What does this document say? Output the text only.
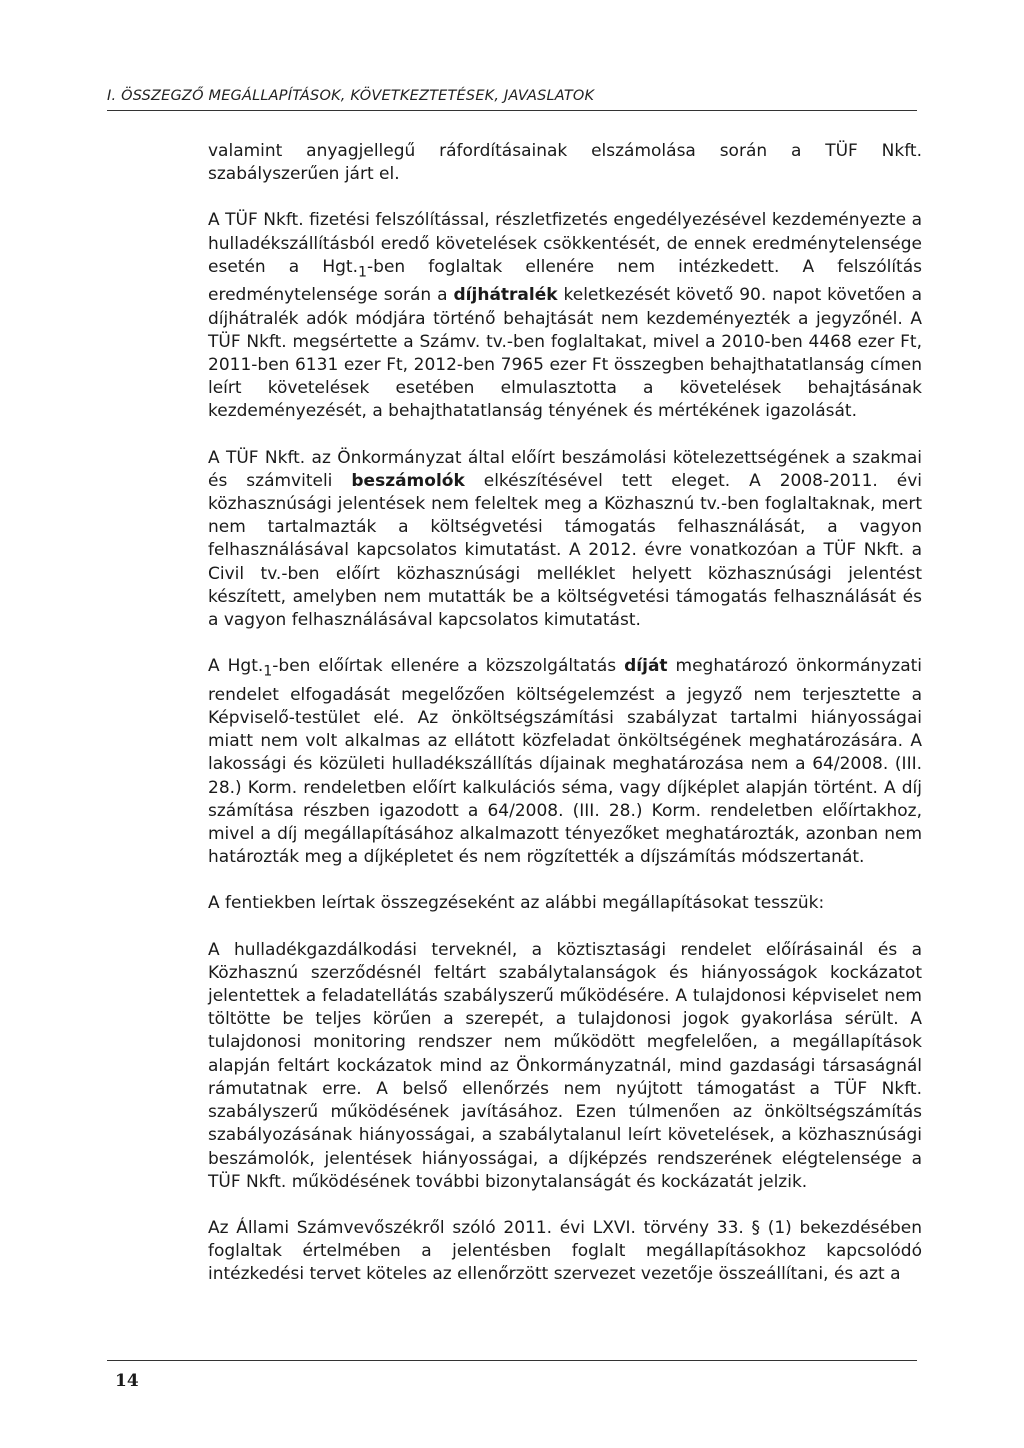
I. ÖSSZEGZŐ MEGÁLLAPÍTÁSOK, KÖVETKEZTETÉSEK, JAVASLATOK

valamint anyagjellegű ráfordításainak elszámolása során a TÜF Nkft. szabályszerűen járt el.

A TÜF Nkft. fizetési felszólítással, részletfizetés engedélyezésével kezdeményezte a hulladékszállításból eredő követelések csökkentését, de ennek eredménytelensége esetén a $Hgt._1$-ben foglaltak ellenére nem intézkedett. A felszólítás eredménytelensége során a díjhátralék keletkezését követő 90. napot követően a díjhátralék adók módjára történő behajtását nem kezdeményezték a jegyzőnél. A TÜF Nkft. megsértette a Számv. tv.-ben foglaltakat, mivel a 2010-ben 4468 ezer Ft, 2011-ben 6131 ezer Ft, 2012-ben 7965 ezer Ft összegben behajthatatlanság címen leírt követelések esetében elmulasztotta a követelések behajtásának kezdeményezését, a behajthatatlanság tényének és mértékének igazolását.

A TÜF Nkft. az Önkormányzat által előírt beszámolási kötelezettségének a szakmai és számviteli beszámolók elkészítésével tett eleget. A 2008-2011. évi közhasznúsági jelentések nem feleltek meg a Közhasznú tv.-ben foglaltaknak, mert nem tartalmazták a költségvetési támogatás felhasználását, a vagyon felhasználásával kapcsolatos kimutatást. A 2012. évre vonatkozóan a TÜF Nkft. a Civil tv.-ben előírt közhasznúsági melléklet helyett közhasznúsági jelentést készített, amelyben nem mutatták be a költségvetési támogatás felhasználását és a vagyon felhasználásával kapcsolatos kimutatást.

A $Hgt._1$-ben előírtak ellenére a közszolgáltatás díját meghatározó önkormányzati rendelet elfogadását megelőzően költségelemzést a jegyző nem terjesztette a Képviselő-testület elé. Az önköltségszámítási szabályzat tartalmi hiányosságai miatt nem volt alkalmas az ellátott közfeladat önköltségének meghatározására. A lakossági és közületi hulladékszállítás díjainak meghatározása nem a 64/2008. (III. 28.) Korm. rendeletben előírt kalkulációs séma, vagy díjképlet alapján történt. A díj számítása részben igazodott a 64/2008. (III. 28.) Korm. rendeletben előírtakhoz, mivel a díj megállapításához alkalmazott tényezőket meghatározták, azonban nem határozták meg a díjképletet és nem rögzítették a díjszámítás módszertanát.

A fentiekben leírtak összegzéseként az alábbi megállapításokat tesszük:

A hulladékgazdálkodási terveknél, a köztisztasági rendelet előírásainál és a Közhasznú szerződésnél feltárt szabálytalanságok és hiányosságok kockázatot jelentettek a feladatellátás szabályszerű működésére. A tulajdonosi képviselet nem töltötte be teljes körűen a szerepét, a tulajdonosi jogok gyakorlása sérült. A tulajdonosi monitoring rendszer nem működött megfelelően, a megállapítások alapján feltárt kockázatok mind az Önkormányzatnál, mind gazdasági társaságnál rámutatnak erre. A belső ellenőrzés nem nyújtott támogatást a TÜF Nkft. szabályszerű működésének javításához. Ezen túlmenően az önköltségszámítás szabályozásának hiányosságai, a szabálytalanul leírt követelések, a közhasznúsági beszámolók, jelentések hiányosságai, a díjképzés rendszerének elégtelensége a TÜF Nkft. működésének további bizonytalanságát és kockázatát jelzik.

Az Állami Számvevőszékről szóló 2011. évi LXVI. törvény 33. § (1) bekezdésében foglaltak értelmében a jelentésben foglalt megállapításokhoz kapcsolódó intézkedési tervet köteles az ellenőrzött szervezet vezetője összeállítani, és azt a

14
